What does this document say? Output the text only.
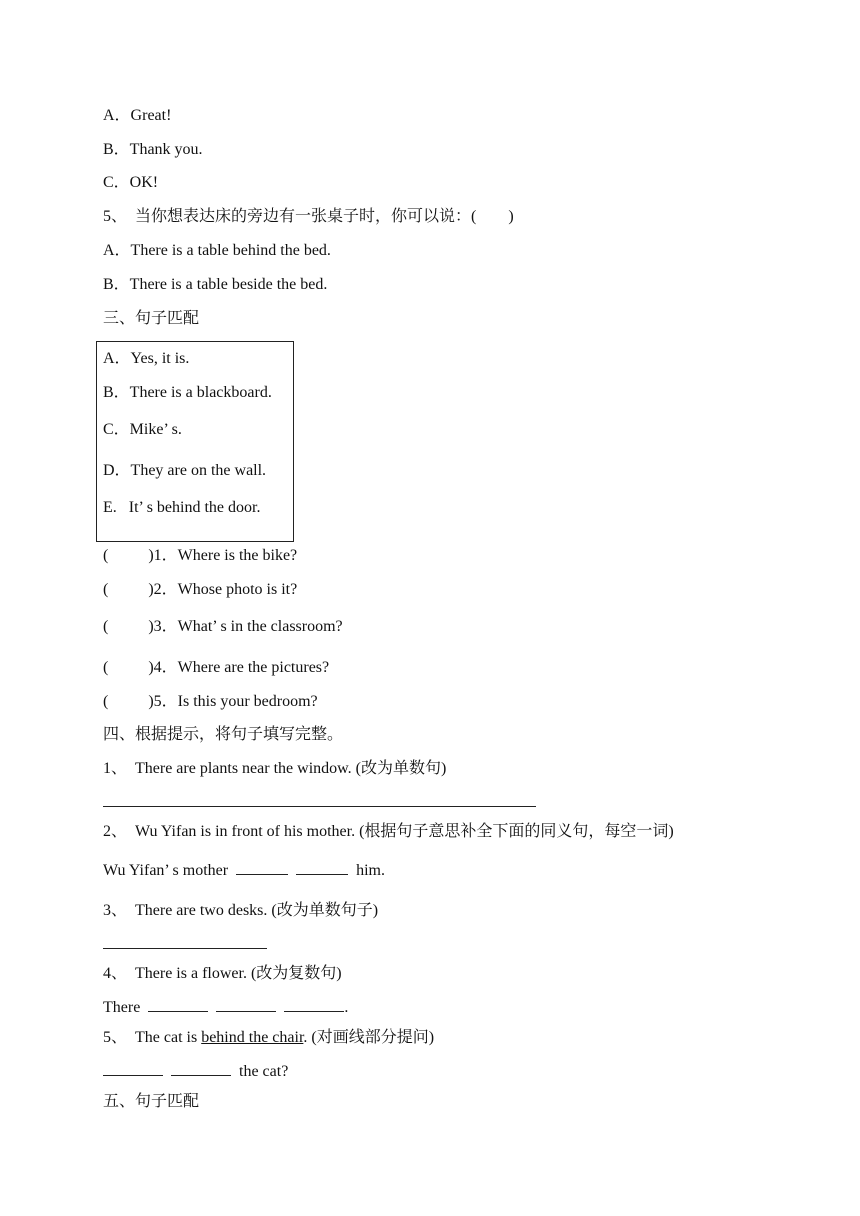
A．Great!
B．Thank you.
C．OK!
5、  当你想表达床的旁边有一张桌子时，你可以说：(        )
A．There is a table behind the bed.
B．There is a table beside the bed.
三、句子匹配
A．Yes, it is.
B．There is a blackboard.
C．Mike’ s.
D．They are on the wall.
E.   It’ s behind the door.
(          )1．Where is the bike?
(          )2．Whose photo is it?
(          )3．What’ s in the classroom?
(          )4．Where are the pictures?
(          )5．Is this your bedroom?
四、根据提示，将句子填写完整。
1、  There are plants near the window. (改为单数句)
2、  Wu Yifan is in front of his mother. (根据句子意思补全下面的同义句，每空一词)
Wu Yifan’ s mother	him.
3、  There are two desks. (改为单数句子)
4、  There is a flower. (改为复数句)
There	.
5、  The cat is behind the chair. (对画线部分提问)
the cat?
五、句子匹配
